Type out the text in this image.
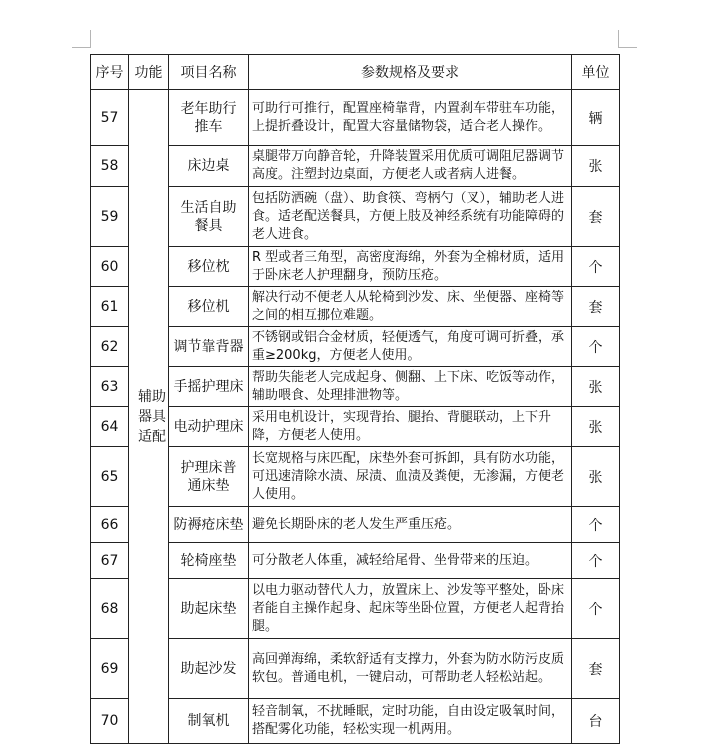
序号	功能	项目名称	参数规格及要求	单位
57	辅助器具适配	老年助行推车	可助行可推行，配置座椅靠背，内置刹车带驻车功能，上提折叠设计，配置大容量储物袋，适合老人操作。	辆
58		床边桌	桌腿带万向静音轮，升降装置采用优质可调阻尼器调节高度。注塑封边桌面，方便老人或者病人进餐。	张
59		生活自助餐具	包括防洒碗（盘）、助食筷、弯柄勺（叉），辅助老人进食。适老配送餐具，方便上肢及神经系统有功能障碍的老人进食。	套
60		移位枕	R 型或者三角型，高密度海绵，外套为全棉材质，适用于卧床老人护理翻身，预防压疮。	个
61		移位机	解决行动不便老人从轮椅到沙发、床、坐便器、座椅等之间的相互挪位难题。	套
62		调节靠背器	不锈钢或铝合金材质，轻便透气，角度可调可折叠，承重≥200kg，方便老人使用。	个
63		手摇护理床	帮助失能老人完成起身、侧翻、上下床、吃饭等动作，辅助喂食、处理排泄物等。	张
64		电动护理床	采用电机设计，实现背抬、腿抬、背腿联动，上下升降，方便老人使用。	张
65		护理床普通床垫	长宽规格与床匹配，床垫外套可拆卸，具有防水功能，可迅速清除水渍、尿渍、血渍及粪便，无渗漏，方便老人使用。	张
66		防褥疮床垫	避免长期卧床的老人发生严重压疮。	个
67		轮椅座垫	可分散老人体重，减轻给尾骨、坐骨带来的压迫。	个
68		助起床垫	以电力驱动替代人力，放置床上、沙发等平整处，卧床者能自主操作起身、起床等坐卧位置，方便老人起背抬腿。	个
69		助起沙发	高回弹海绵，柔软舒适有支撑力，外套为防水防污皮质软包。普通电机，一键启动，可帮助老人轻松站起。	套
70		制氧机	轻音制氧，不扰睡眠，定时功能，自由设定吸氧时间，搭配雾化功能，轻松实现一机两用。	台
